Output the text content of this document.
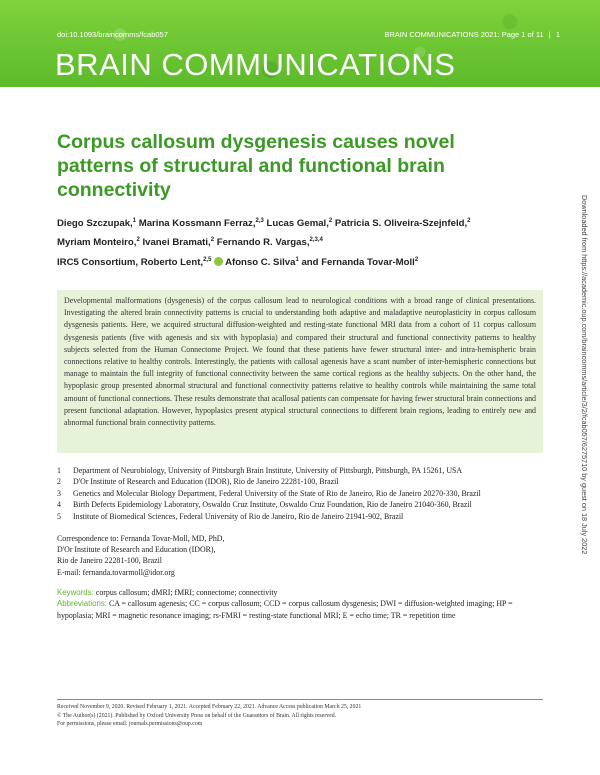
doi:10.1093/braincomms/fcab057	BRAIN COMMUNICATIONS 2021: Page 1 of 11 | 1
BRAIN COMMUNICATIONS
Downloaded from https://academic.oup.com/braincomms/article/3/2/fcab057/6275710 by guest on 18 July 2022
Corpus callosum dysgenesis causes novel patterns of structural and functional brain connectivity
Diego Szczupak,$^1$ Marina Kossmann Ferraz,$^{2,3}$ Lucas Gemal,$^2$ Patricia S. Oliveira-Szejnfeld,$^2$
Myriam Monteiro,$^2$ Ivanei Bramati,$^2$ Fernando R. Vargas,$^{2,3,4}$
IRC5 Consortium, Roberto Lent,$^{2,5}$ Afonso C. Silva$^1$ and Fernanda Tovar-Moll$^2$
Developmental malformations (dysgenesis) of the corpus callosum lead to neurological conditions with a broad range of clinical presentations. Investigating the altered brain connectivity patterns is crucial to understanding both adaptive and maladaptive neuroplasticity in corpus callosum dysgenesis patients. Here, we acquired structural diffusion-weighted and resting-state functional MRI data from a cohort of 11 corpus callosum dysgenesis patients (five with agenesis and six with hypoplasia) and compared their structural and functional connectivity patterns to healthy subjects selected from the Human Connectome Project. We found that these patients have fewer structural inter- and intra-hemispheric brain connections relative to healthy controls. Interestingly, the patients with callosal agenesis have a scant number of inter-hemispheric connections but manage to maintain the full integrity of functional connectivity between the same cortical regions as the healthy subjects. On the other hand, the hypoplasic group presented abnormal structural and functional connectivity patterns relative to healthy controls while maintaining the same total amount of functional connections. These results demonstrate that acallosal patients can compensate for having fewer structural brain connections and present functional adaptation. However, hypoplasics present atypical structural connections to different brain regions, leading to entirely new and abnormal functional brain connectivity patterns.
1	Department of Neurobiology, University of Pittsburgh Brain Institute, University of Pittsburgh, Pittsburgh, PA 15261, USA
2	D'Or Institute of Research and Education (IDOR), Rio de Janeiro 22281-100, Brazil
3	Genetics and Molecular Biology Department, Federal University of the State of Rio de Janeiro, Rio de Janeiro 20270-330, Brazil
4	Birth Defects Epidemiology Laboratory, Oswaldo Cruz Institute, Oswaldo Cruz Foundation, Rio de Janeiro 21040-360, Brazil
5	Institute of Biomedical Sciences, Federal University of Rio de Janeiro, Rio de Janeiro 21941-902, Brazil
Correspondence to: Fernanda Tovar-Moll, MD, PhD,
D'Or Institute of Research and Education (IDOR),
Rio de Janeiro 22281-100, Brazil
E-mail: fernanda.tovarmoll@idor.org
Keywords: corpus callosum; dMRI; fMRI; connectome; connectivity
Abbreviations: CA = callosum agenesis; CC = corpus callosum; CCD = corpus callosum dysgenesis; DWI = diffusion-weighted imaging; HP = hypoplasia; MRI = magnetic resonance imaging; rs-FMRI = resting-state functional MRI; E = echo time; TR = repetition time
Received November 9, 2020. Revised February 1, 2021. Accepted February 22, 2021. Advance Access publication March 25, 2021
© The Author(s) (2021). Published by Oxford University Press on behalf of the Guarantors of Brain. All rights reserved.
For permissions, please email: journals.permissions@oup.com
